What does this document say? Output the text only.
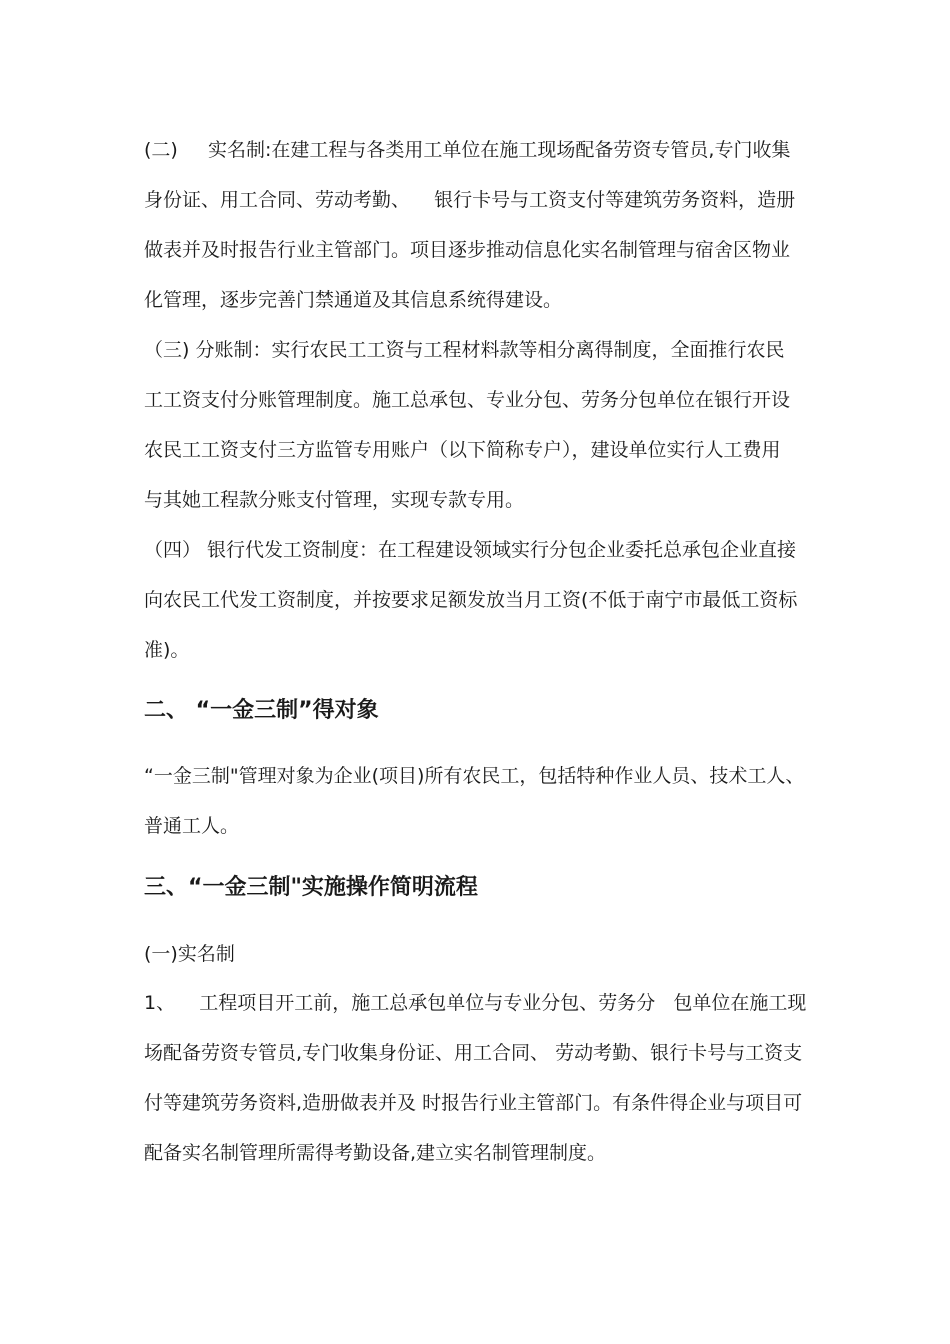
(二)     实名制:在建工程与各类用工单位在施工现场配备劳资专管员,专门收集
身份证、用工合同、劳动考勤、    银行卡号与工资支付等建筑劳务资料，造册
做表并及时报告行业主管部门。项目逐步推动信息化实名制管理与宿舍区物业
化管理，逐步完善门禁通道及其信息系统得建设。
（三) 分账制：实行农民工工资与工程材料款等相分离得制度，全面推行农民
工工资支付分账管理制度。施工总承包、专业分包、劳务分包单位在银行开设
农民工工资支付三方监管专用账户（以下简称专户），建设单位实行人工费用
与其她工程款分账支付管理，实现专款专用。
（四） 银行代发工资制度：在工程建设领域实行分包企业委托总承包企业直接
向农民工代发工资制度，并按要求足额发放当月工资(不低于南宁市最低工资标
准)。
二、 “一金三制”得对象
“一金三制"管理对象为企业(项目)所有农民工，包括特种作业人员、技术工人、
普通工人。
三、“一金三制"实施操作简明流程
(一)实名制
1、    工程项目开工前，施工总承包单位与专业分包、劳务分   包单位在施工现
场配备劳资专管员,专门收集身份证、用工合同、 劳动考勤、银行卡号与工资支
付等建筑劳务资料,造册做表并及 时报告行业主管部门。有条件得企业与项目可
配备实名制管理所需得考勤设备,建立实名制管理制度。
